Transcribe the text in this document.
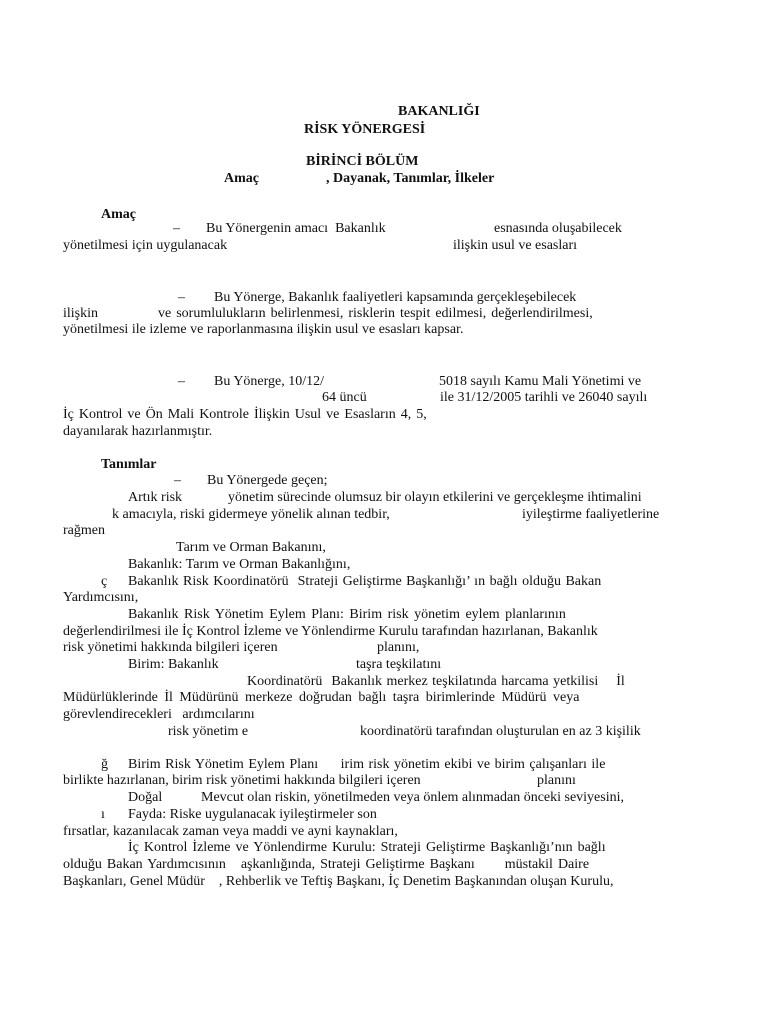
BAKANLIĞI
RİSK YÖNERGESİ
BİRİNCİ BÖLÜM
Amaç	, Dayanak, Tanımlar, İlkeler
Amaç
– Bu Yönergenin amacı  Bakanlık	esnasında oluşabilecek
yönetilmesi için uygulanacak	ilişkin usul ve esasları
– Bu Yönerge, Bakanlık faaliyetleri kapsamında gerçekleşebilecek
ilişkin	ve sorumlulukların belirlenmesi, risklerin tespit edilmesi, değerlendirilmesi,
yönetilmesi ile izleme ve raporlanmasına ilişkin usul ve esasları kapsar.
– Bu Yönerge, 10/12/	5018 sayılı Kamu Mali Yönetimi ve
64 üncü	ile 31/12/2005 tarihli ve 26040 sayılı
İç Kontrol ve Ön Mali Kontrole İlişkin Usul ve Esasların 4, 5,
dayanılarak hazırlanmıştır.
Tanımlar
– Bu Yönergede geçen;
Artık risk	yönetim sürecinde olumsuz bir olayın etkilerini ve gerçekleşme ihtimalini
k amacıyla, riski gidermeye yönelik alınan tedbir,	iyileştirme faaliyetlerine
rağmen
Tarım ve Orman Bakanını,
Bakanlık: Tarım ve Orman Bakanlığını,
ç Bakanlık Risk Koordinatörü  Strateji Geliştirme Başkanlığı’ ın bağlı olduğu Bakan
Yardımcısını,
Bakanlık Risk Yönetim Eylem Planı: Birim risk yönetim eylem planlarının
değerlendirilmesi ile İç Kontrol İzleme ve Yönlendirme Kurulu tarafından hazırlanan, Bakanlık
risk yönetimi hakkında bilgileri içeren	planını,
Birim: Bakanlık	taşra teşkilatını
Koordinatörü  Bakanlık merkez teşkilatında harcama yetkilisi    İl
Müdürlüklerinde İl Müdürünü merkeze doğrudan bağlı taşra birimlerinde Müdürü veya
görevlendirecekleri   ardımcılarını
risk yönetim e	koordinatörü tarafından oluşturulan en az 3 kişilik
ğ Birim Risk Yönetim Eylem Planı     irim risk yönetim ekibi ve birim çalışanları ile
birlikte hazırlanan, birim risk yönetimi hakkında bilgileri içeren	planını
Doğal	Mevcut olan riskin, yönetilmeden veya önlem alınmadan önceki seviyesini,
ı Fayda: Riske uygulanacak iyileştirmeler son
fırsatlar, kazanılacak zaman veya maddi ve ayni kaynakları,
İç Kontrol İzleme ve Yönlendirme Kurulu: Strateji Geliştirme Başkanlığı’nın bağlı
olduğu Bakan Yardımcısının   aşkanlığında, Strateji Geliştirme Başkanı      müstakil Daire
Başkanları, Genel Müdür    , Rehberlik ve Teftiş Başkanı, İç Denetim Başkanından oluşan Kurulu,
